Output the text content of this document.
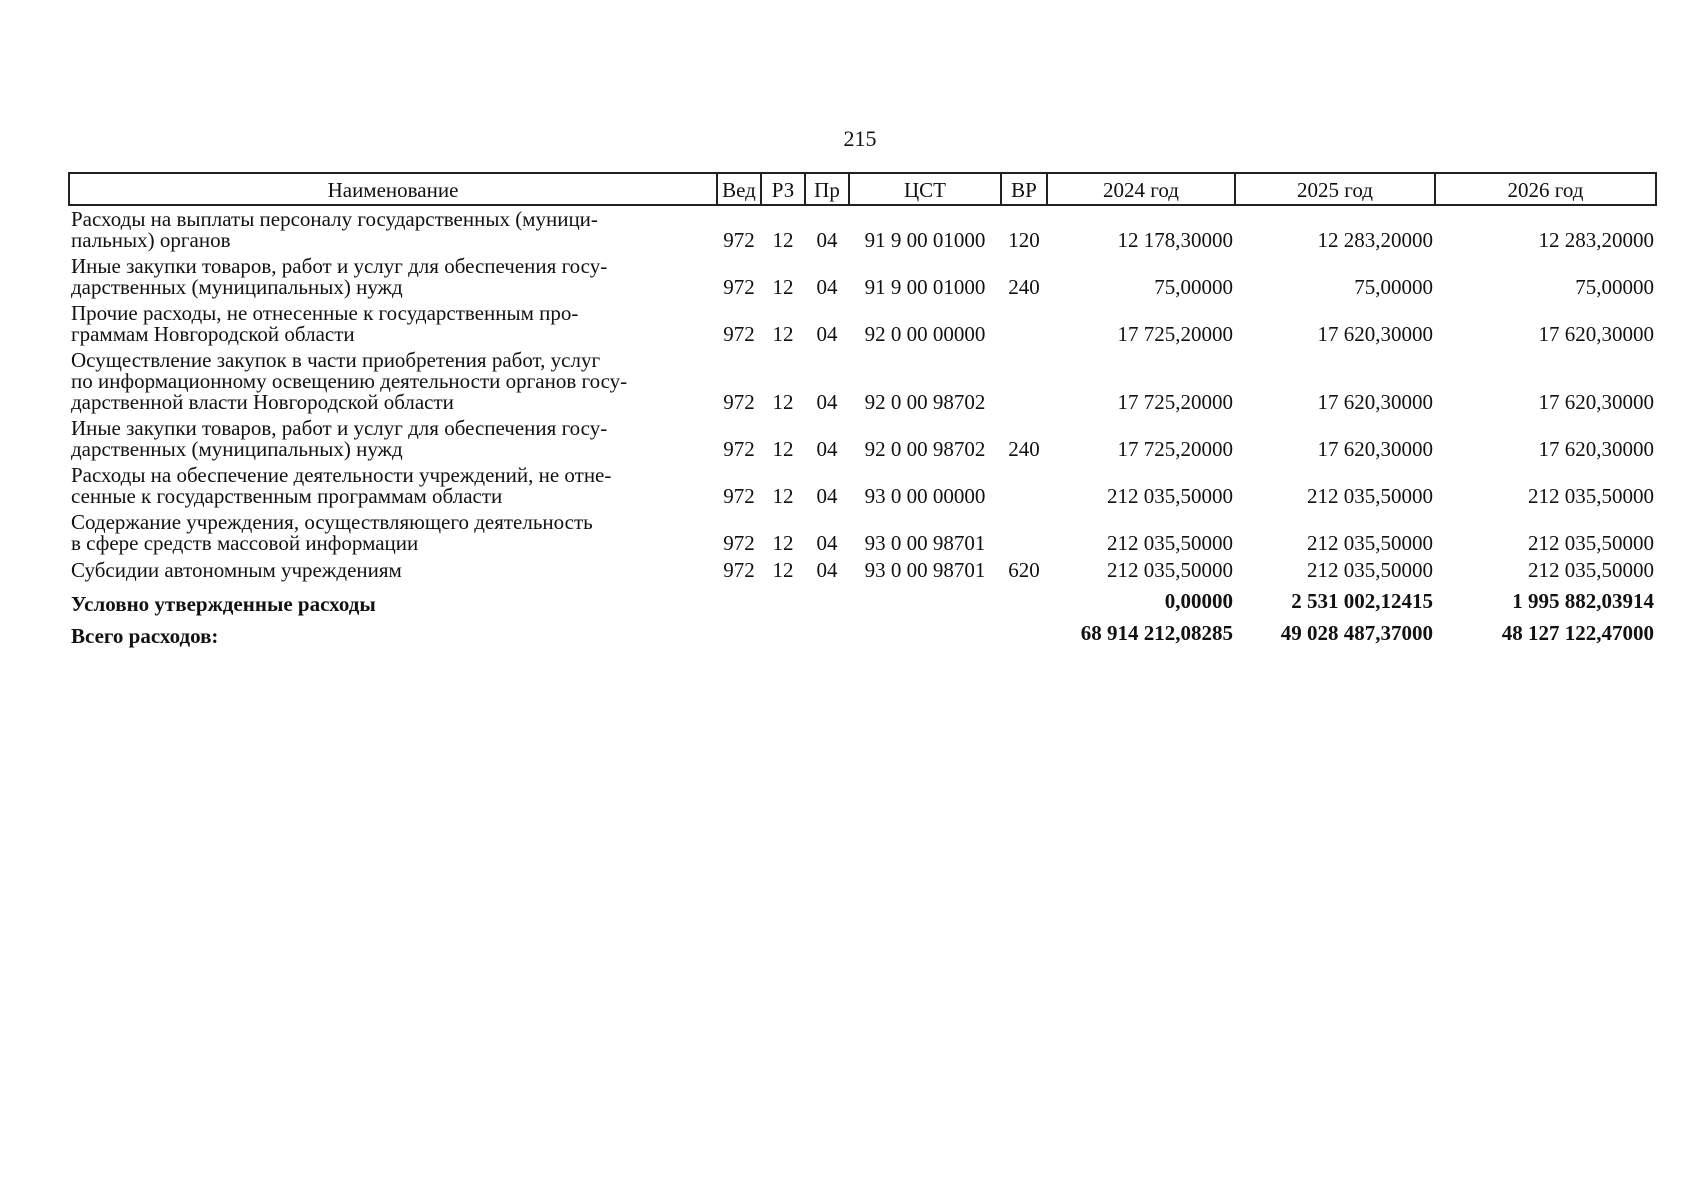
215
Наименование	Вед	РЗ	Пр	ЦСТ	ВР	2024 год	2025 год	2026 год

Расходы на выплаты персоналу государственных (муници-
пальных) органов	972	12	04	91 9 00 01000	120	12 178,30000	12 283,20000	12 283,20000

Иные закупки товаров, работ и услуг для обеспечения госу-
дарственных (муниципальных) нужд	972	12	04	91 9 00 01000	240	75,00000	75,00000	75,00000

Прочие расходы, не отнесенные к государственным про-
граммам Новгородской области	972	12	04	92 0 00 00000		17 725,20000	17 620,30000	17 620,30000

Осуществление закупок в части приобретения работ, услуг
по информационному освещению деятельности органов госу-
дарственной власти Новгородской области	972	12	04	92 0 00 98702		17 725,20000	17 620,30000	17 620,30000

Иные закупки товаров, работ и услуг для обеспечения госу-
дарственных (муниципальных) нужд	972	12	04	92 0 00 98702	240	17 725,20000	17 620,30000	17 620,30000

Расходы на обеспечение деятельности учреждений, не отне-
сенные к государственным программам области	972	12	04	93 0 00 00000		212 035,50000	212 035,50000	212 035,50000

Содержание учреждения, осуществляющего деятельность
в сфере средств массовой информации	972	12	04	93 0 00 98701		212 035,50000	212 035,50000	212 035,50000

Субсидии автономным учреждениям	972	12	04	93 0 00 98701	620	212 035,50000	212 035,50000	212 035,50000
Условно утвержденные расходы						0,00000	2 531 002,12415	1 995 882,03914
Всего расходов:						68 914 212,08285	49 028 487,37000	48 127 122,47000
